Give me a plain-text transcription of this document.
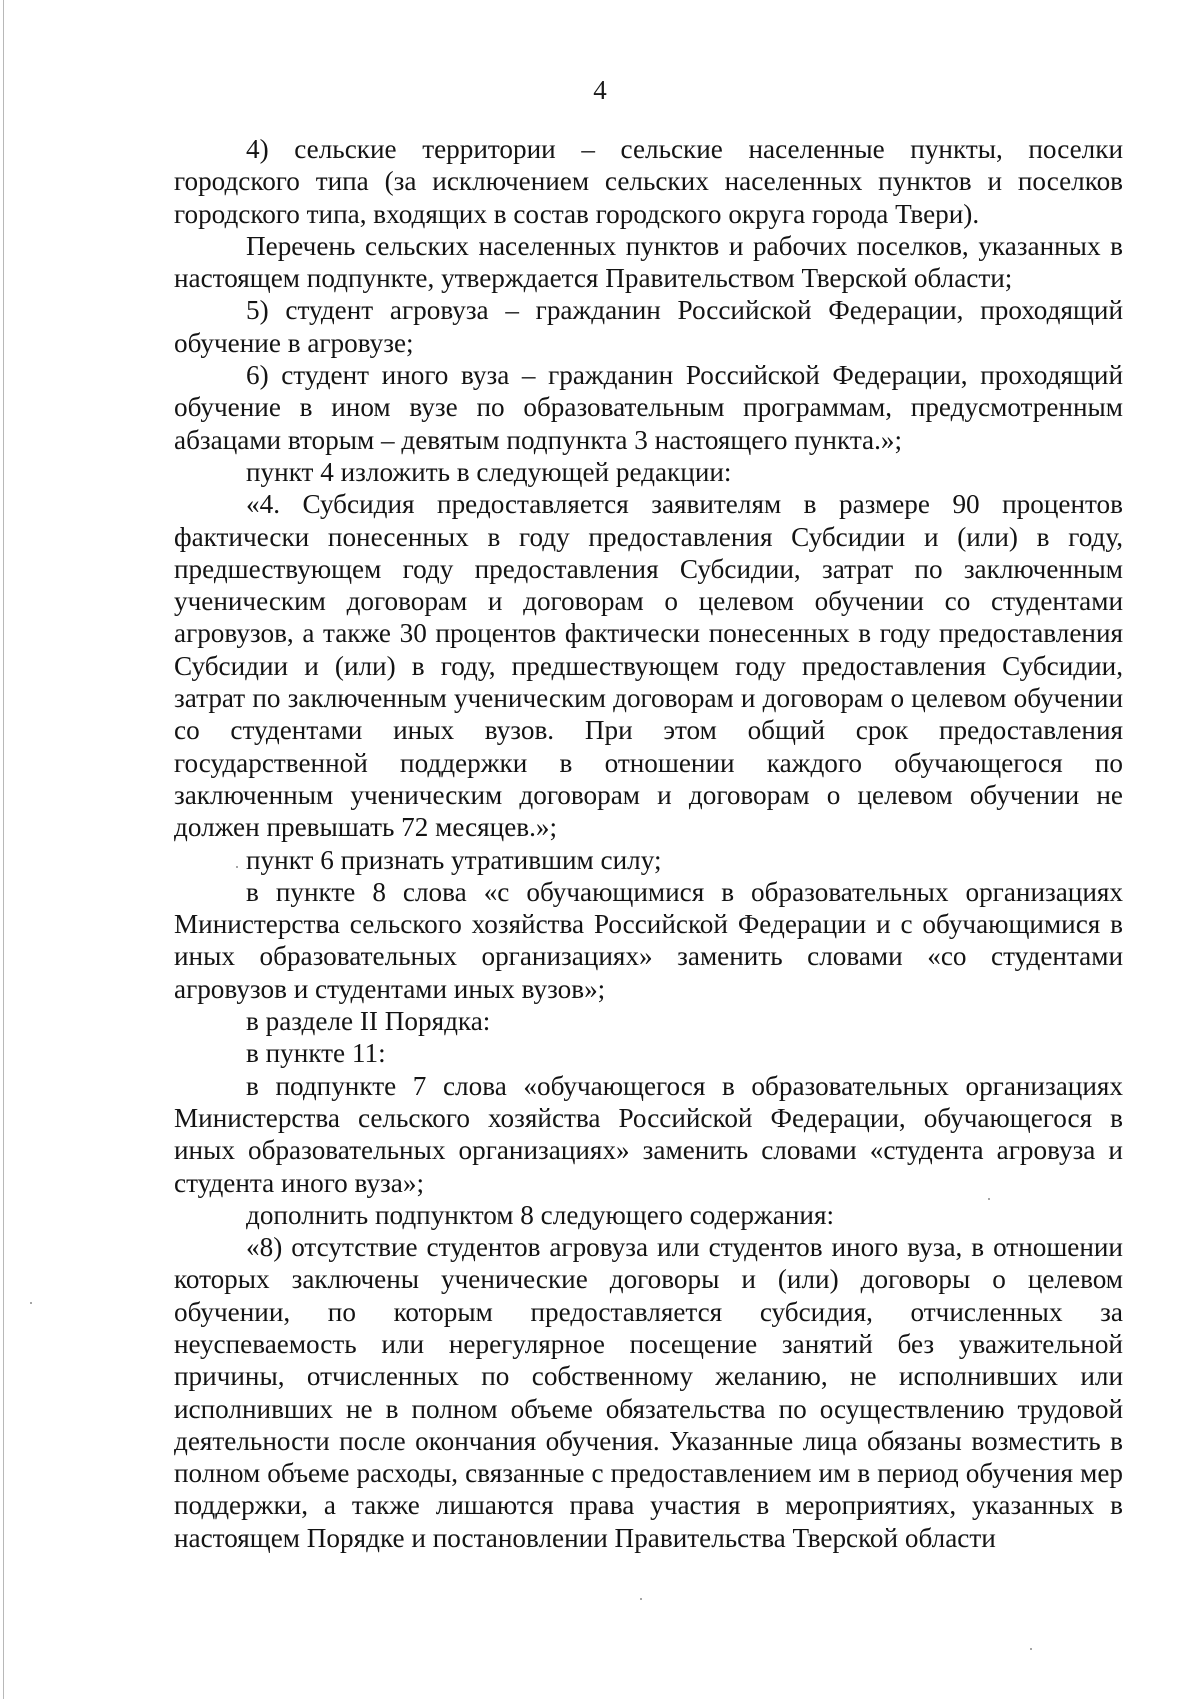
4

4) сельские территории – сельские населенные пункты, поселки городского типа (за исключением сельских населенных пунктов и поселков городского типа, входящих в состав городского округа города Твери).

Перечень сельских населенных пунктов и рабочих поселков, указанных в настоящем подпункте, утверждается Правительством Тверской области;

5) студент агровуза – гражданин Российской Федерации, проходящий обучение в агровузе;

6) студент иного вуза – гражданин Российской Федерации, проходящий обучение в ином вузе по образовательным программам, предусмотренным абзацами вторым – девятым подпункта 3 настоящего пункта.»;

пункт 4 изложить в следующей редакции:

«4. Субсидия предоставляется заявителям в размере 90 процентов фактически понесенных в году предоставления Субсидии и (или) в году, предшествующем году предоставления Субсидии, затрат по заключенным ученическим договорам и договорам о целевом обучении со студентами агровузов, а также 30 процентов фактически понесенных в году предоставления Субсидии и (или) в году, предшествующем году предоставления Субсидии, затрат по заключенным ученическим договорам и договорам о целевом обучении со студентами иных вузов. При этом общий срок предоставления государственной поддержки в отношении каждого обучающегося по заключенным ученическим договорам и договорам о целевом обучении не должен превышать 72 месяцев.»;

пункт 6 признать утратившим силу;

в пункте 8 слова «с обучающимися в образовательных организациях Министерства сельского хозяйства Российской Федерации и с обучающимися в иных образовательных организациях» заменить словами «со студентами агровузов и студентами иных вузов»;

в разделе II Порядка:

в пункте 11:

в подпункте 7 слова «обучающегося в образовательных организациях Министерства сельского хозяйства Российской Федерации, обучающегося в иных образовательных организациях» заменить словами «студента агровуза и студента иного вуза»;

дополнить подпунктом 8 следующего содержания:

«8) отсутствие студентов агровуза или студентов иного вуза, в отношении которых заключены ученические договоры и (или) договоры о целевом обучении, по которым предоставляется субсидия, отчисленных за неуспеваемость или нерегулярное посещение занятий без уважительной причины, отчисленных по собственному желанию, не исполнивших или исполнивших не в полном объеме обязательства по осуществлению трудовой деятельности после окончания обучения. Указанные лица обязаны возместить в полном объеме расходы, связанные с предоставлением им в период обучения мер поддержки, а также лишаются права участия в мероприятиях, указанных в настоящем Порядке и постановлении Правительства Тверской области
